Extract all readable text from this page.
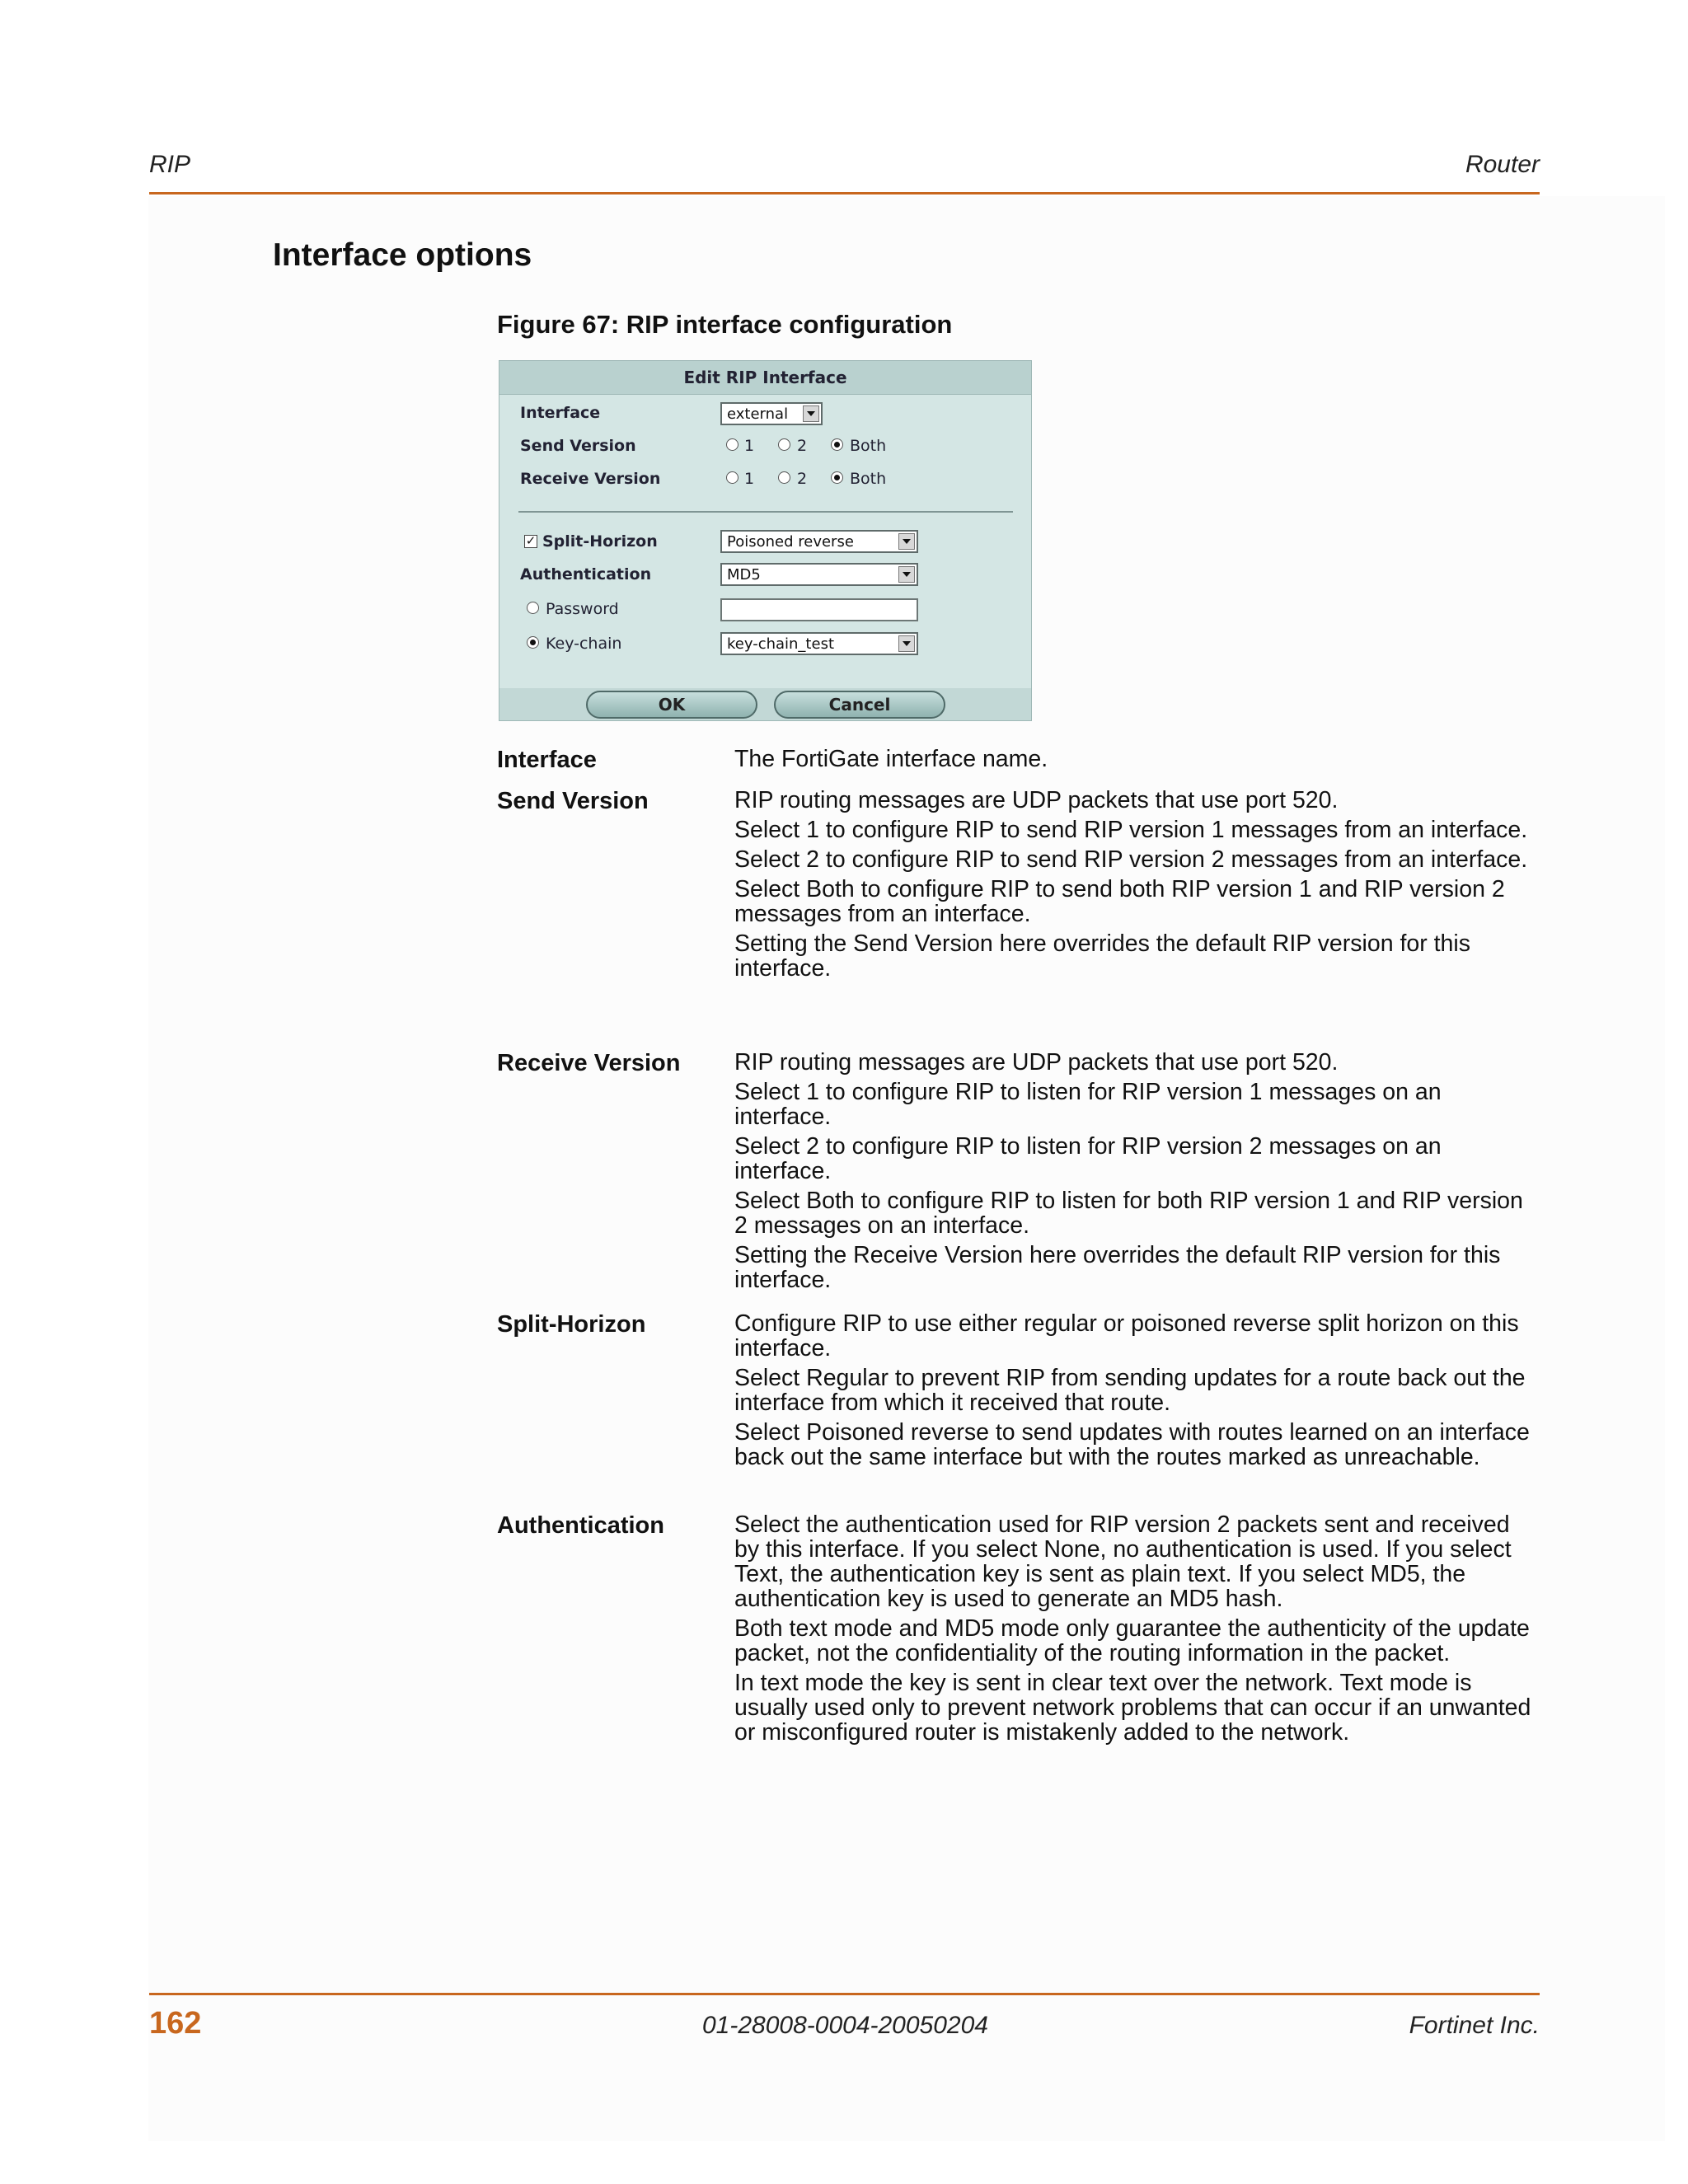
RIP	Router
Interface options
Figure 67: RIP interface configuration
Edit RIP Interface
Interface	external
Send Version	1	2	Both
Receive Version	1	2	Both
✓ Split-Horizon	Poisoned reverse
Authentication	MD5
Password
Key-chain	key-chain_test
OK	Cancel
Interface	The FortiGate interface name.

Send Version	RIP routing messages are UDP packets that use port 520.

Select 1 to configure RIP to send RIP version 1 messages from an interface.

Select 2 to configure RIP to send RIP version 2 messages from an interface.

Select Both to configure RIP to send both RIP version 1 and RIP version 2 messages from an interface.

Setting the Send Version here overrides the default RIP version for this interface.

Receive Version RIP routing messages are UDP packets that use port 520.

Select 1 to configure RIP to listen for RIP version 1 messages on an interface.

Select 2 to configure RIP to listen for RIP version 2 messages on an interface.

Select Both to configure RIP to listen for both RIP version 1 and RIP version 2 messages on an interface.

Setting the Receive Version here overrides the default RIP version for this interface.

Split-Horizon	Configure RIP to use either regular or poisoned reverse split horizon on this interface.

Select Regular to prevent RIP from sending updates for a route back out the interface from which it received that route.

Select Poisoned reverse to send updates with routes learned on an interface back out the same interface but with the routes marked as unreachable.

Authentication	Select the authentication used for RIP version 2 packets sent and received by this interface. If you select None, no authentication is used. If you select Text, the authentication key is sent as plain text. If you select MD5, the authentication key is used to generate an MD5 hash.

Both text mode and MD5 mode only guarantee the authenticity of the update packet, not the confidentiality of the routing information in the packet.

In text mode the key is sent in clear text over the network. Text mode is usually used only to prevent network problems that can occur if an unwanted or misconfigured router is mistakenly added to the network.

162	01-28008-0004-20050204	Fortinet Inc.
